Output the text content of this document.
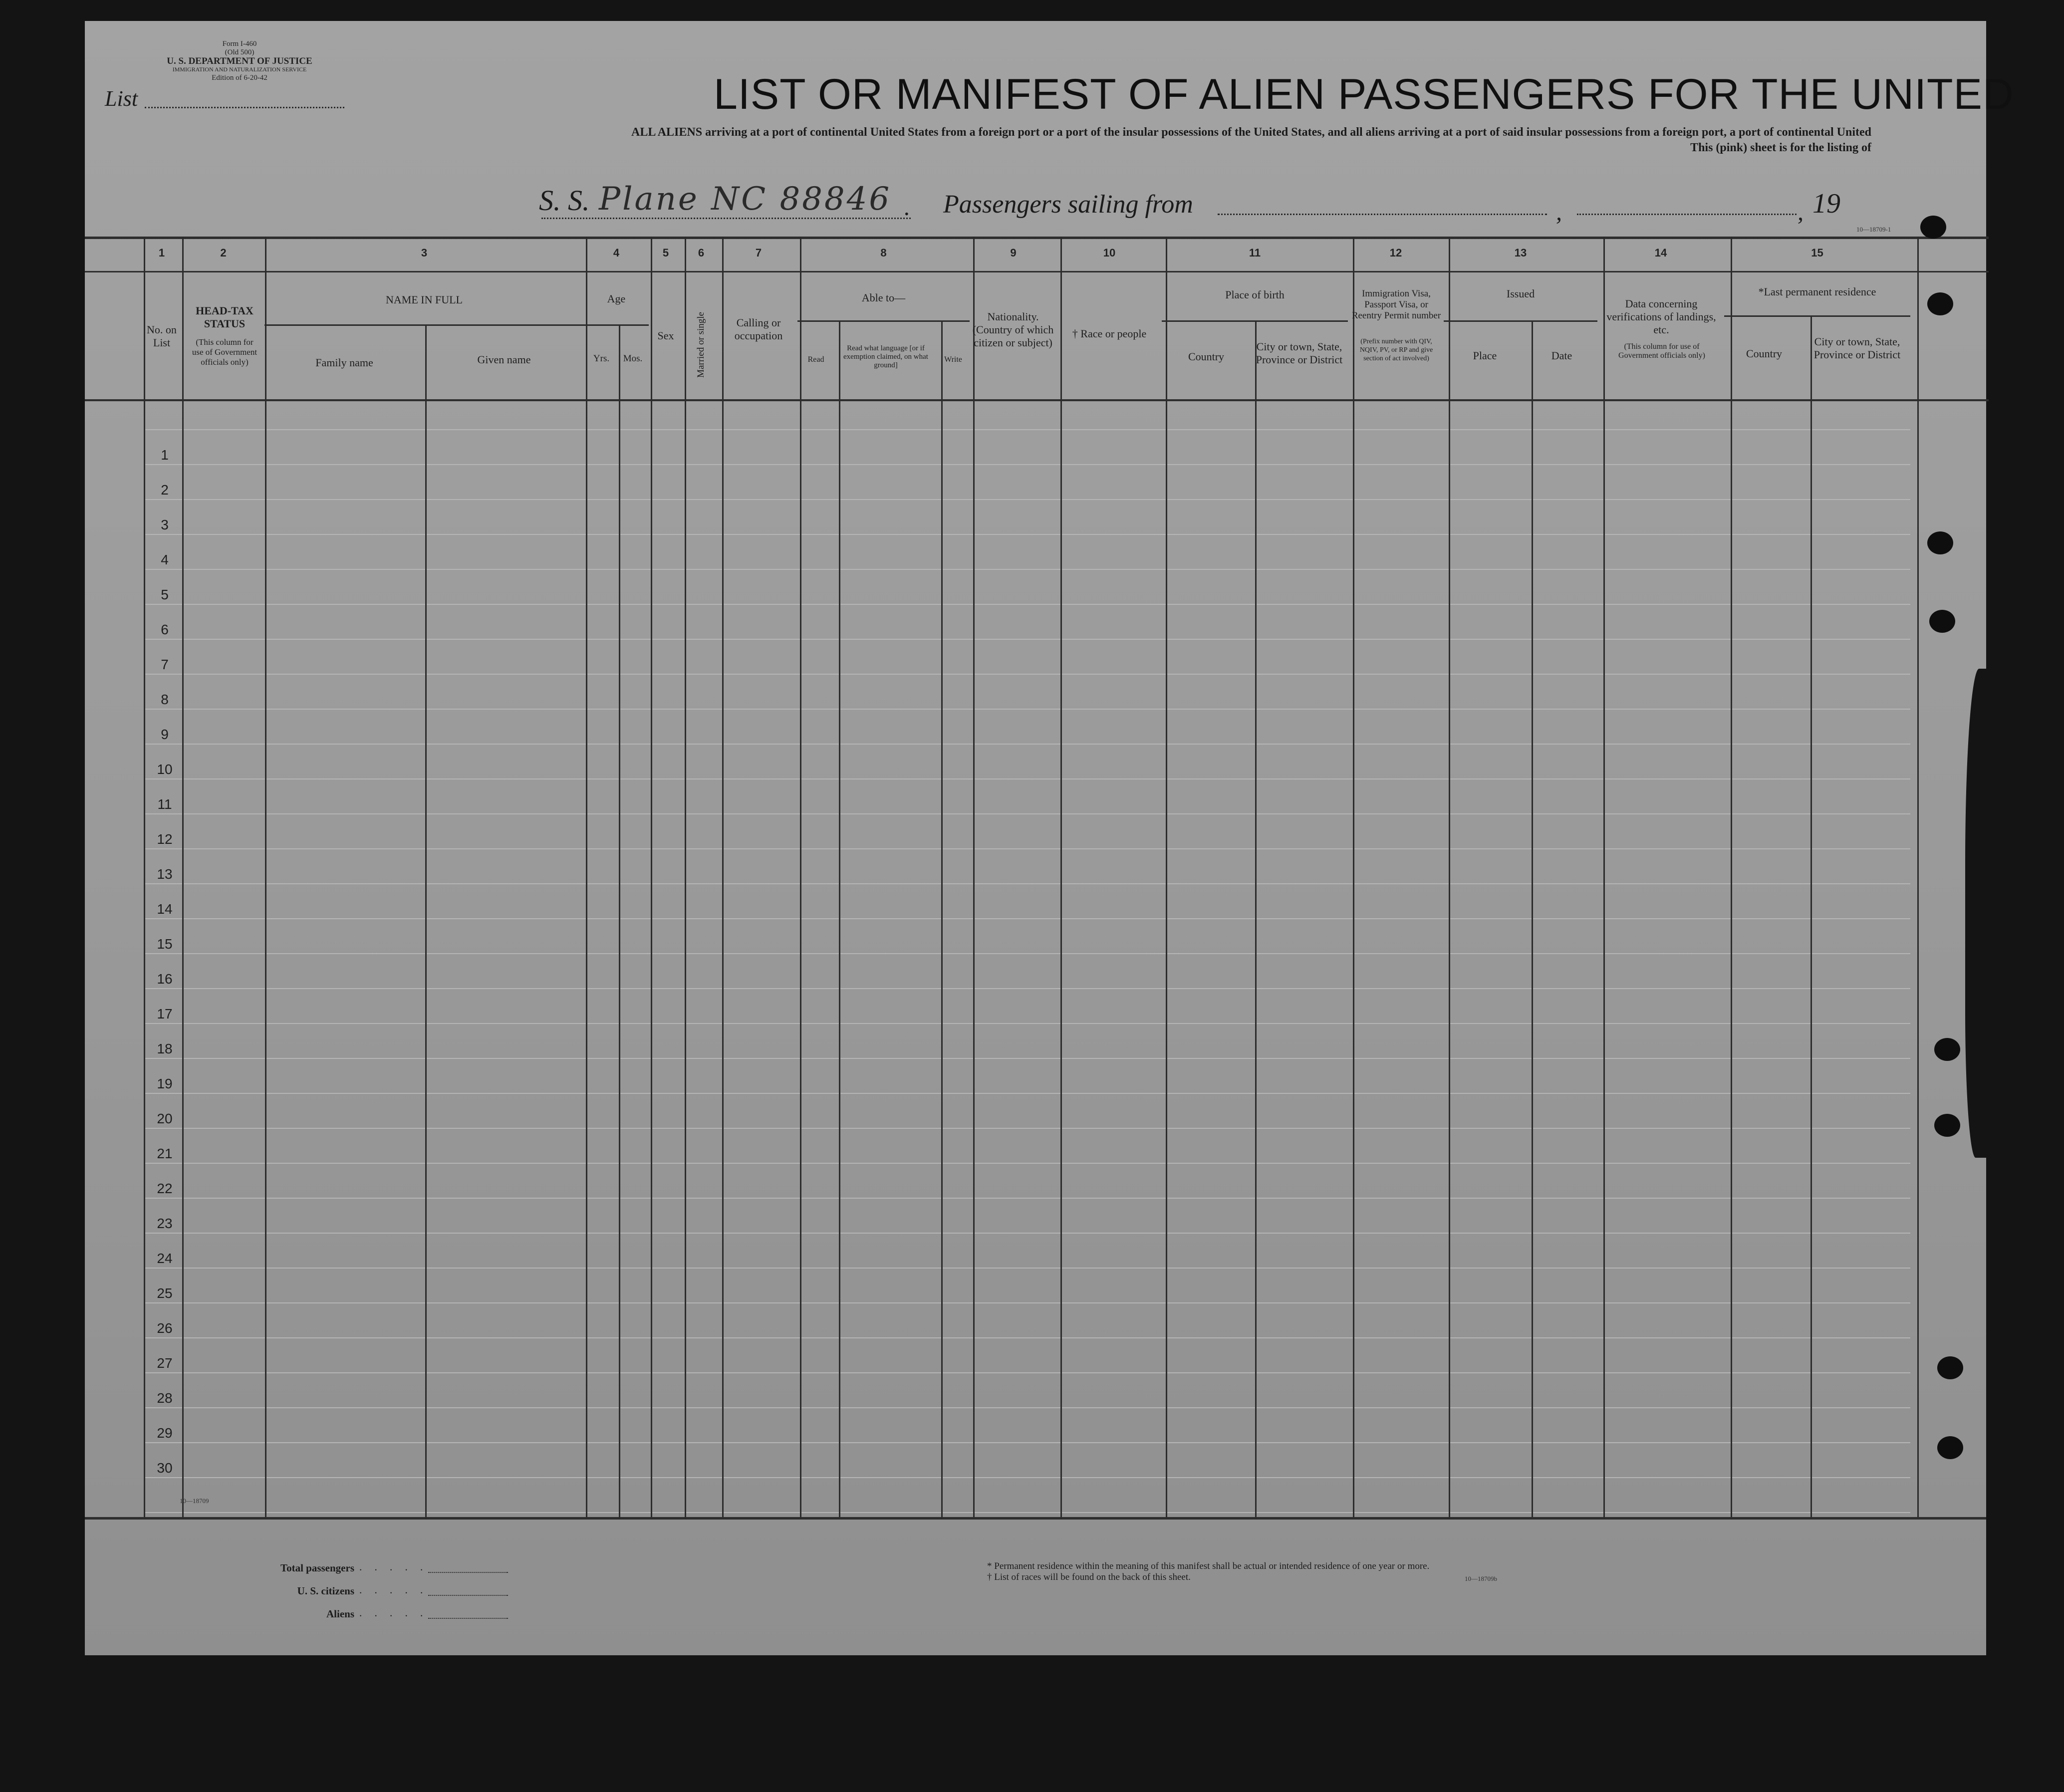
Form I-460
(Old 500)
U. S. DEPARTMENT OF JUSTICE
IMMIGRATION AND NATURALIZATION SERVICE
Edition of 6-20-42
List	LIST OR MANIFEST OF ALIEN PASSENGERS FOR THE UNITED
ALL ALIENS arriving at a port of continental United States from a foreign port or a port of the insular possessions of the United States, and all aliens arriving at a port of said insular possessions from a foreign port, a port of continental United
This (pink) sheet is for the listing of
S. S. Plane NC 88846 . Passengers sailing from	,	, 19
10—18709-1
1	2	3	4	5	6	7	8	9	10	11	12	13	14	15
No. on List
HEAD-TAX STATUS
(This column for use of Government officials only)
NAME IN FULL
Family name	Given name
Age
Yrs.	Mos.
Sex	Married or single	Calling or occupation
Able to—
Read
Read what language [or if exemption claimed, on what ground]
Write
Nationality. (Country of which citizen or subject)
† Race or people
Place of birth
Country
City or town, State, Province or District
Immigration Visa, Passport Visa, or Reentry Permit number
(Prefix number with QIV, NQIV, PV, or RP and give section of act involved)
Issued
Place	Date
Data concerning verifications of landings, etc.
(This column for use of Government officials only)
*Last permanent residence
Country
City or town, State, Province or District
1
2
3
4
5
6
7
8
9
10
11
12
13
14
15
16
17
18
19
20
21
22
23
24
25
26
27
28
29
30
10—18709
Total passengers . . . . .
U. S. citizens . . . . .
Aliens . . . . .
* Permanent residence within the meaning of this manifest shall be actual or intended residence of one year or more.
† List of races will be found on the back of this sheet.	10—18709b
